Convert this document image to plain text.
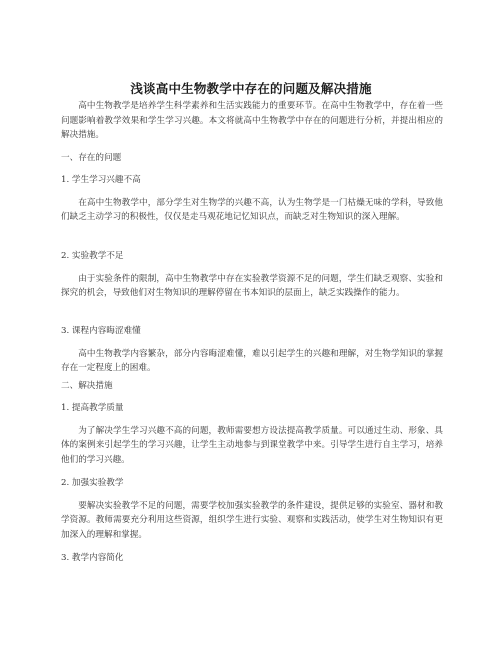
浅谈高中生物教学中存在的问题及解决措施

高中生物教学是培养学生科学素养和生活实践能力的重要环节。在高中生物教学中，存在着一些问题影响着教学效果和学生学习兴趣。本文将就高中生物教学中存在的问题进行分析，并提出相应的解决措施。

一、存在的问题

1. 学生学习兴趣不高

在高中生物教学中，部分学生对生物学的兴趣不高，认为生物学是一门枯燥无味的学科，导致他们缺乏主动学习的积极性，仅仅是走马观花地记忆知识点，而缺乏对生物知识的深入理解。

2. 实验教学不足

由于实验条件的限制，高中生物教学中存在实验教学资源不足的问题，学生们缺乏观察、实验和探究的机会，导致他们对生物知识的理解停留在书本知识的层面上，缺乏实践操作的能力。

3. 课程内容晦涩难懂

高中生物教学内容繁杂，部分内容晦涩难懂，难以引起学生的兴趣和理解，对生物学知识的掌握存在一定程度上的困难。

二、解决措施

1. 提高教学质量

为了解决学生学习兴趣不高的问题，教师需要想方设法提高教学质量。可以通过生动、形象、具体的案例来引起学生的学习兴趣，让学生主动地参与到课堂教学中来。引导学生进行自主学习，培养他们的学习兴趣。

2. 加强实验教学

要解决实验教学不足的问题，需要学校加强实验教学的条件建设，提供足够的实验室、器材和教学资源。教师需要充分利用这些资源，组织学生进行实验、观察和实践活动，使学生对生物知识有更加深入的理解和掌握。

3. 教学内容简化
